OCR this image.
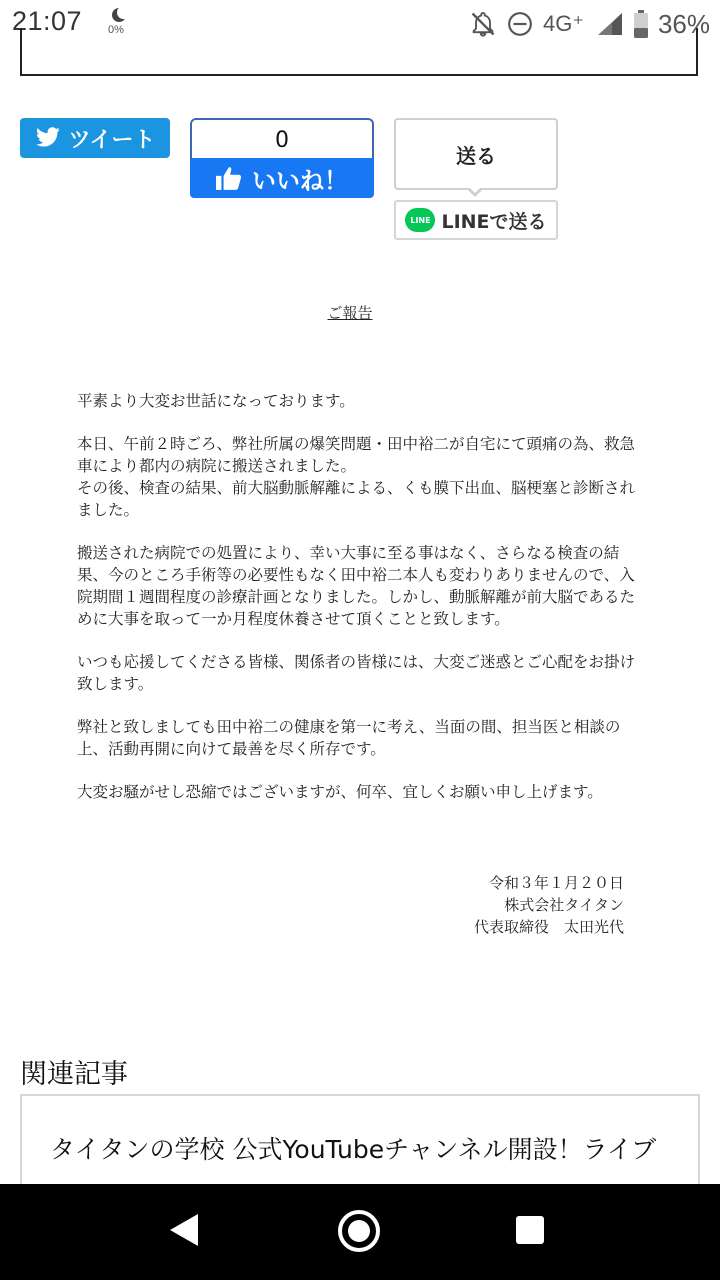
21:07 0%	4G⁺	36%
ツイート	0
いいね！
送る
LINE LINEで送る
ご報告

平素より大変お世話になっております。

本日、午前２時ごろ、弊社所属の爆笑問題・田中裕二が自宅にて頭痛の為、救急車により都内の病院に搬送されました。
その後、検査の結果、前大脳動脈解離による、くも膜下出血、脳梗塞と診断されました。

搬送された病院での処置により、幸い大事に至る事はなく、さらなる検査の結果、今のところ手術等の必要性もなく田中裕二本人も変わりありませんので、入院期間１週間程度の診療計画となりました。しかし、動脈解離が前大脳であるために大事を取って一か月程度休養させて頂くことと致します。

いつも応援してくださる皆様、関係者の皆様には、大変ご迷惑とご心配をお掛け致します。

弊社と致しましても田中裕二の健康を第一に考え、当面の間、担当医と相談の上、活動再開に向けて最善を尽く所存です。

大変お騒がせし恐縮ではございますが、何卒、宜しくお願い申し上げます。

令和３年１月２０日
株式会社タイタン
代表取締役　太田光代
関連記事
タイタンの学校 公式YouTubeチャンネル開設！ライブ
